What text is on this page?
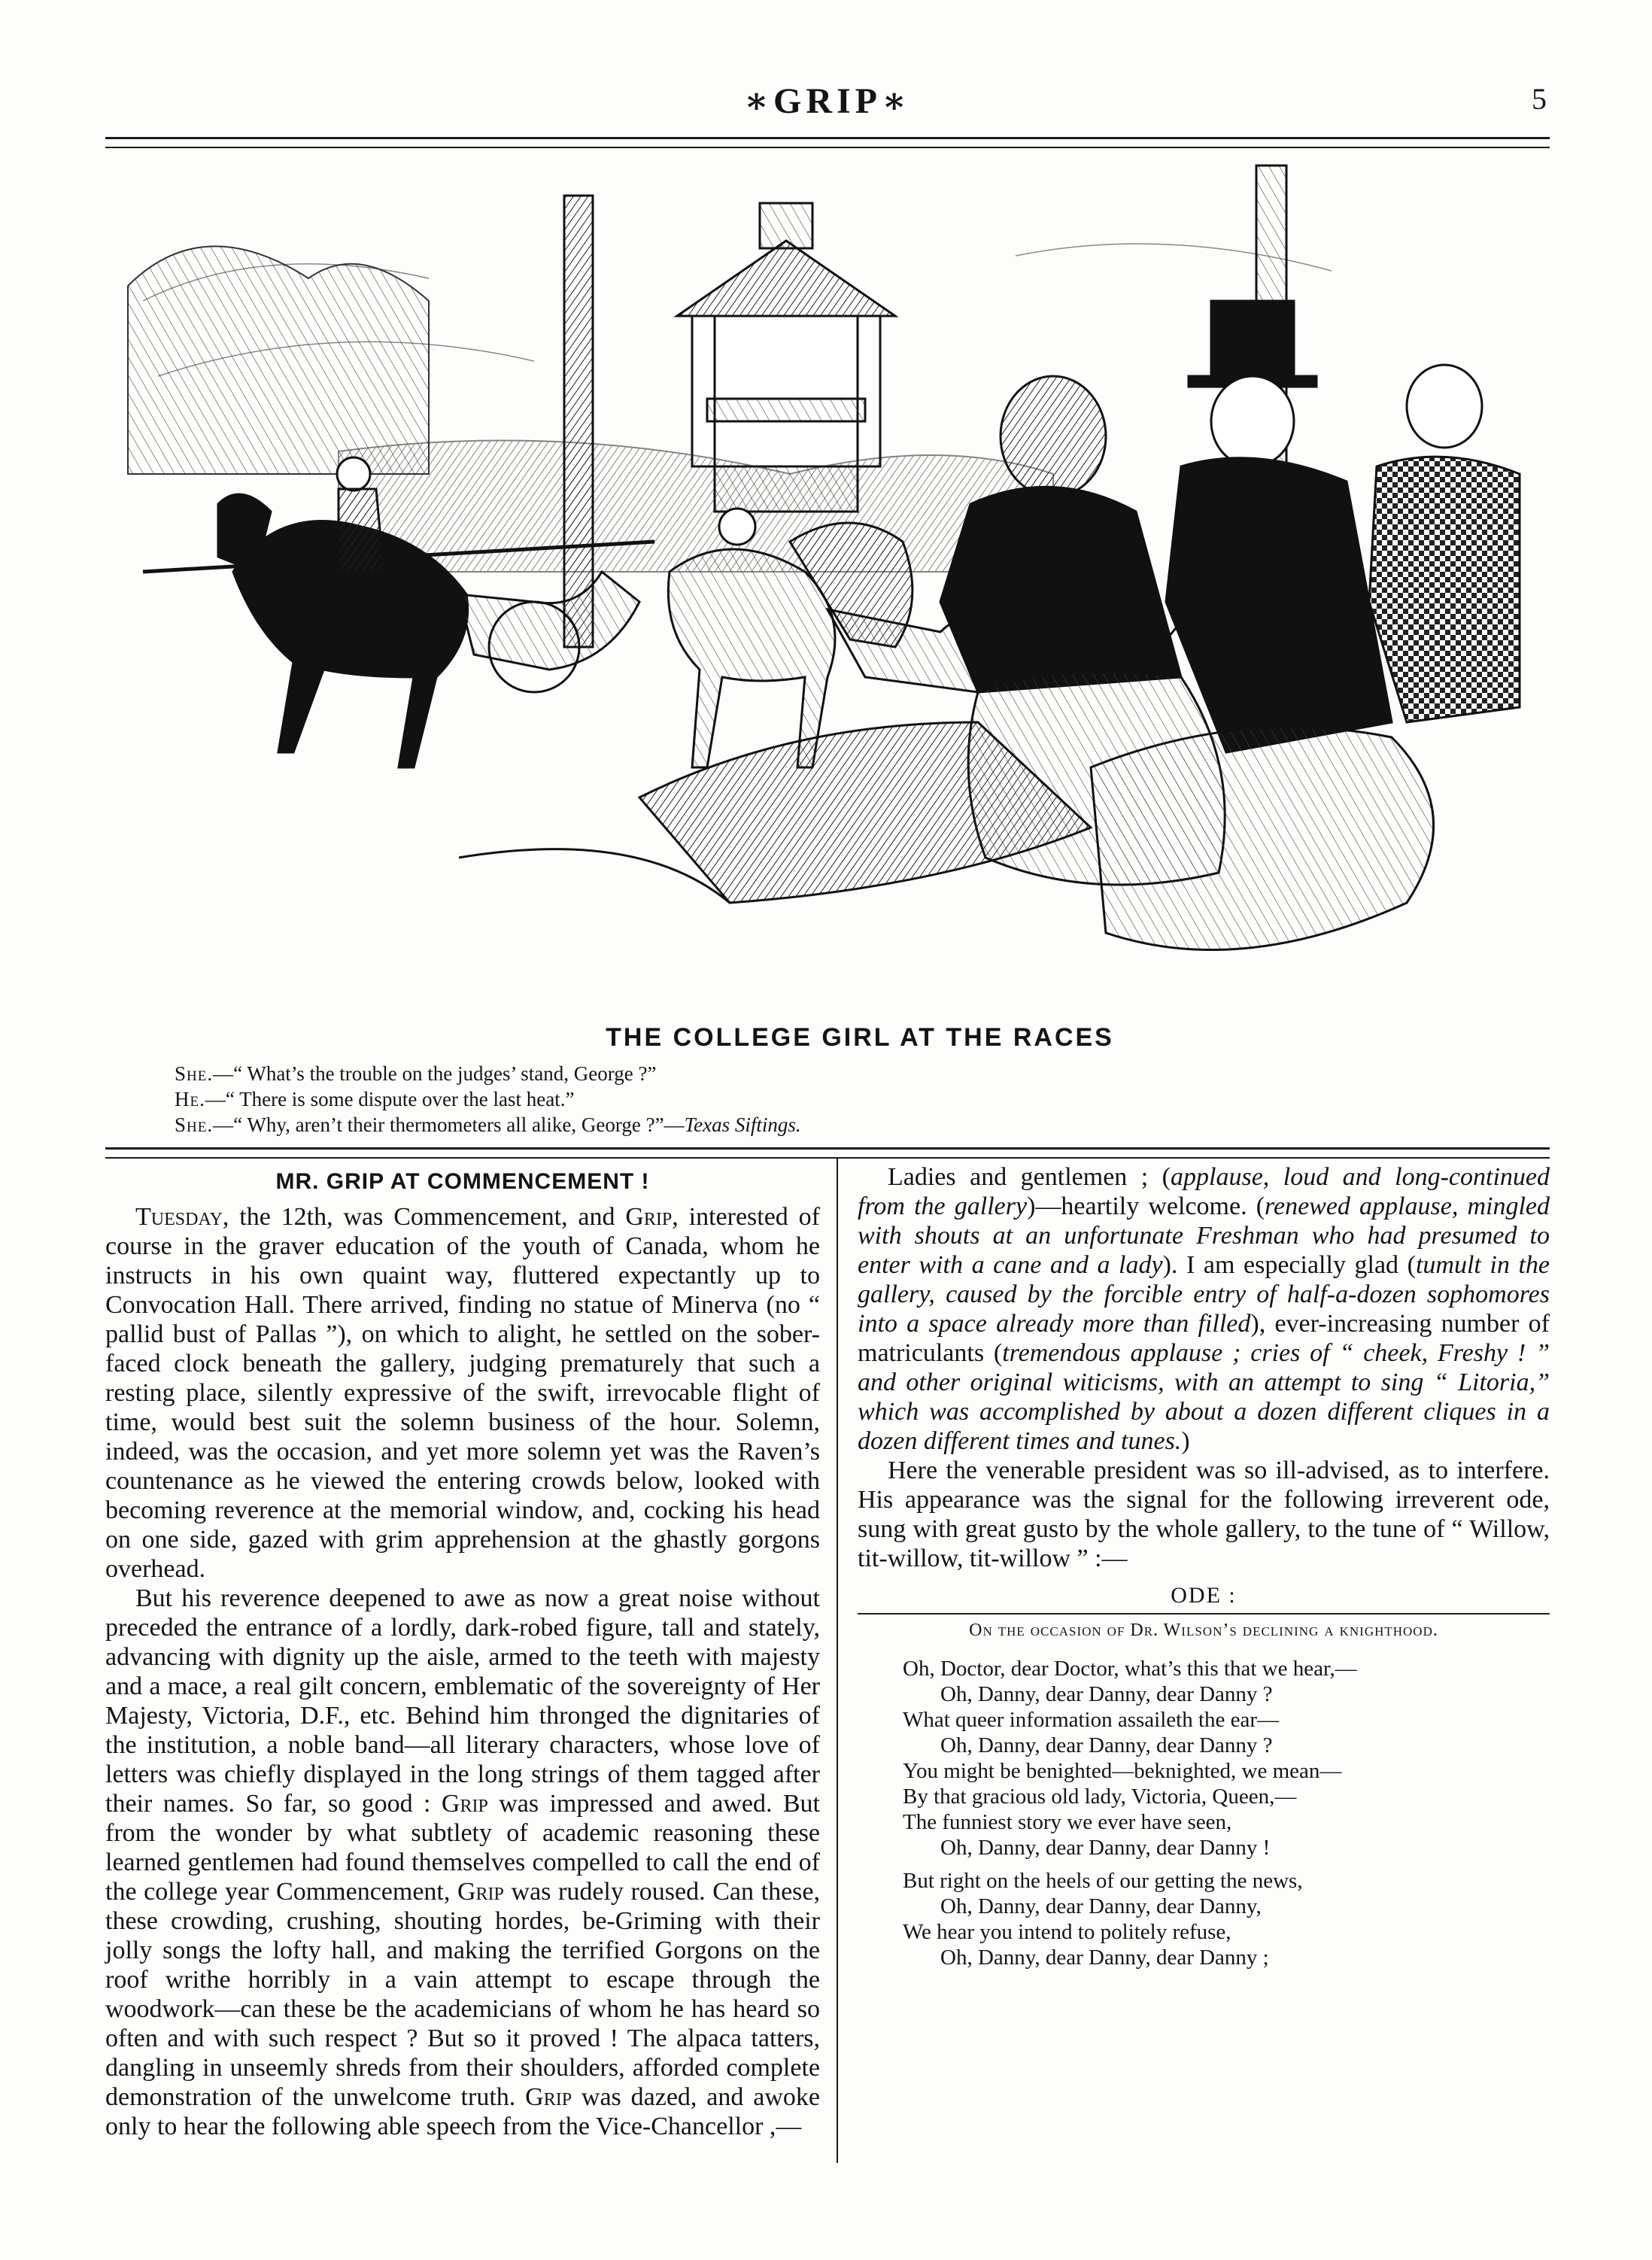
∗GRIP∗	5
THE COLLEGE GIRL AT THE RACES
She.—“ What’s the trouble on the judges’ stand, George ?”
He.—“ There is some dispute over the last heat.”
She.—“ Why, aren’t their thermometers all alike, George ?”—Texas Siftings.
MR. GRIP AT COMMENCEMENT !

Tuesday, the 12th, was Commencement, and Grip, interested of course in the graver education of the youth of Canada, whom he instructs in his own quaint way, fluttered expectantly up to Convocation Hall. There arrived, finding no statue of Minerva (no “ pallid bust of Pallas ”), on which to alight, he settled on the sober-faced clock beneath the gallery, judging prematurely that such a resting place, silently expressive of the swift, irrevocable flight of time, would best suit the solemn business of the hour. Solemn, indeed, was the occasion, and yet more solemn yet was the Raven’s countenance as he viewed the entering crowds below, looked with becoming reverence at the memorial window, and, cocking his head on one side, gazed with grim apprehension at the ghastly gorgons overhead.

But his reverence deepened to awe as now a great noise without preceded the entrance of a lordly, dark-robed figure, tall and stately, advancing with dignity up the aisle, armed to the teeth with majesty and a mace, a real gilt concern, emblematic of the sovereignty of Her Majesty, Victoria, D.F., etc. Behind him thronged the dignitaries of the institution, a noble band—all literary characters, whose love of letters was chiefly displayed in the long strings of them tagged after their names. So far, so good : Grip was impressed and awed. But from the wonder by what subtlety of academic reasoning these learned gentlemen had found themselves compelled to call the end of the college year Commencement, Grip was rudely roused. Can these, these crowding, crushing, shouting hordes, be-Griming with their jolly songs the lofty hall, and making the terrified Gorgons on the roof writhe horribly in a vain attempt to escape through the woodwork—can these be the academicians of whom he has heard so often and with such respect ? But so it proved ! The alpaca tatters, dangling in unseemly shreds from their shoulders, afforded complete demonstration of the unwelcome truth. Grip was dazed, and awoke only to hear the following able speech from the Vice-Chancellor ,—

Ladies and gentlemen ; (applause, loud and long-continued from the gallery)—heartily welcome. (renewed applause, mingled with shouts at an unfortunate Freshman who had presumed to enter with a cane and a lady). I am especially glad (tumult in the gallery, caused by the forcible entry of half-a-dozen sophomores into a space already more than filled), ever-increasing number of matriculants (tremendous applause ; cries of “ cheek, Freshy ! ” and other original witicisms, with an attempt to sing “ Litoria,” which was accomplished by about a dozen different cliques in a dozen different times and tunes.)

Here the venerable president was so ill-advised, as to interfere. His appearance was the signal for the following irreverent ode, sung with great gusto by the whole gallery, to the tune of “ Willow, tit-willow, tit-willow ” :—

ODE :
On the occasion of Dr. Wilson’s declining a knighthood.
Oh, Doctor, dear Doctor, what’s this that we hear,—
Oh, Danny, dear Danny, dear Danny ?
What queer information assaileth the ear—
Oh, Danny, dear Danny, dear Danny ?
You might be benighted—beknighted, we mean—
By that gracious old lady, Victoria, Queen,—
The funniest story we ever have seen,
Oh, Danny, dear Danny, dear Danny !
But right on the heels of our getting the news,
Oh, Danny, dear Danny, dear Danny,
We hear you intend to politely refuse,
Oh, Danny, dear Danny, dear Danny ;
